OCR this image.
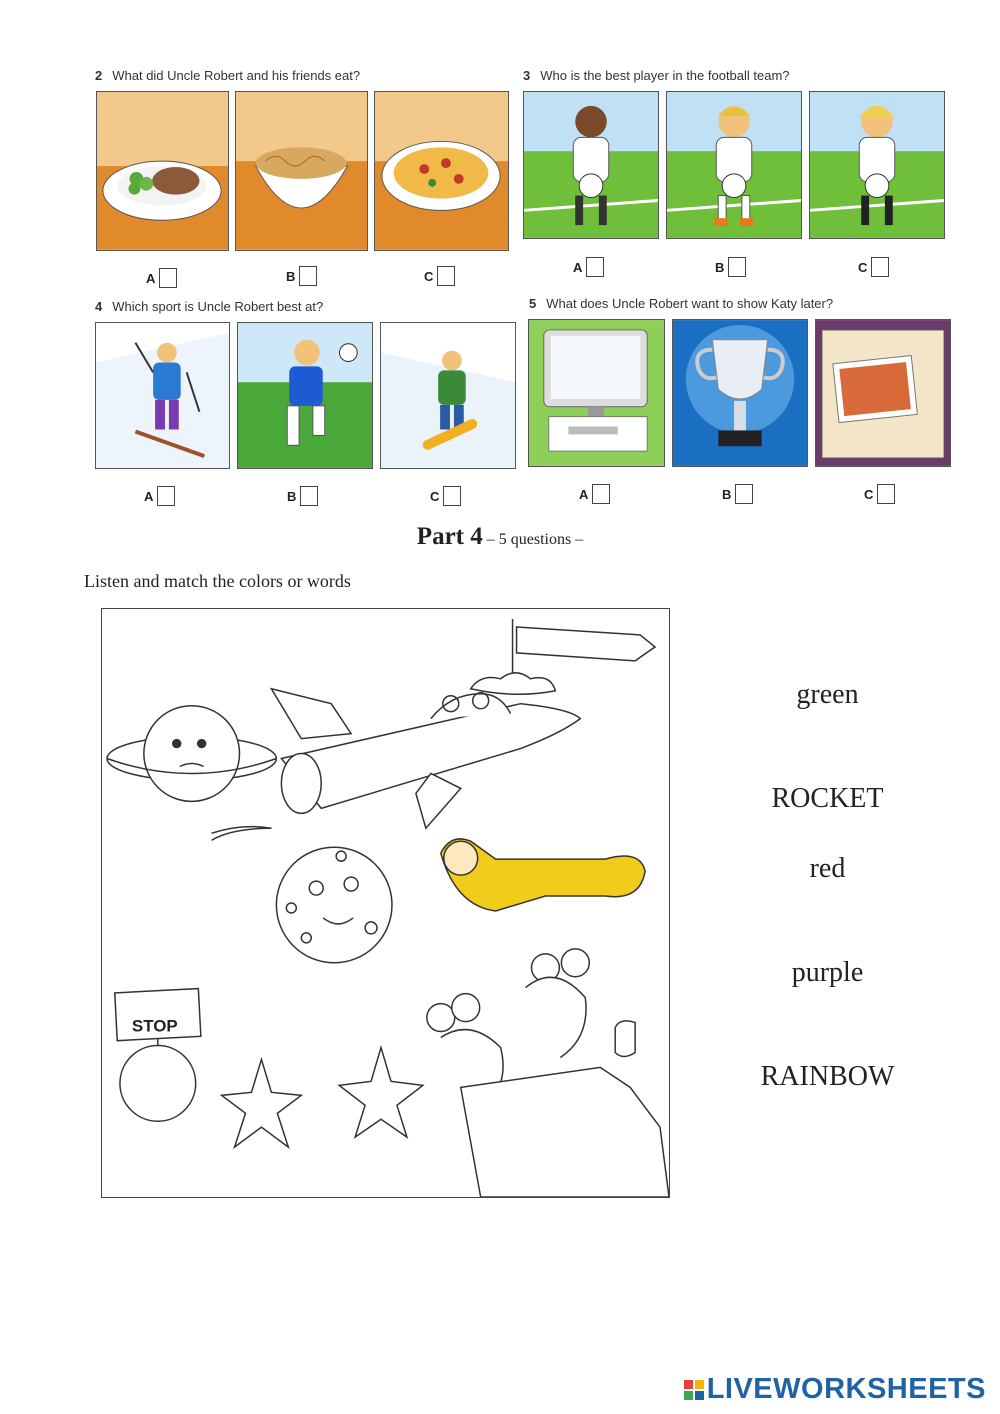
2 What did Uncle Robert and his friends eat?
A	B	C
3 Who is the best player in the football team?
A	B	C
4 Which sport is Uncle Robert best at?
A	B	C
5 What does Uncle Robert want to show Katy later?
A	B	C
Part 4 – 5 questions –
Listen and match the colors or words
STOP
green
ROCKET
red
purple
RAINBOW
LIVEWORKSHEETS
